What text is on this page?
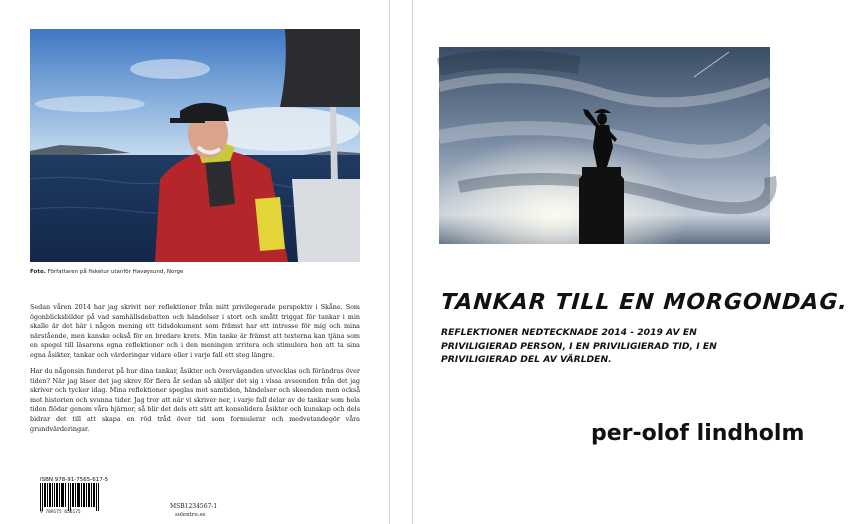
Foto. Författaren på fisketur utanför Havøysund, Norge

Sedan våren 2014 har jag skrivit ner reflektioner från mitt privilegerade perspektiv i Skåne. Som ögonblicksbilder på vad samhällsdebatten och händelser i stort och smått triggat för tankar i min skalle är det här i någon mening ett tidsdokument som främst har ett intresse för mig och mina närstående, men kanske också för en bredare krets. Min tanke är främst att texterna kan tjäna som en spegel till läsarens egna reflektioner och i den meningen irritera och stimulera hen att ta sina egna åsikter, tankar och värderingar vidare eller i varje fall ett steg längre.

Har du någonsin funderat på hur dina tankar, åsikter och överväganden utvecklas och förändras över tiden? När jag läser det jag skrev för flera år sedan så skiljer det sig i vissa avseenden från det jag skriver och tycker idag. Mina reflektioner speglas mot samtiden, händelser och skeenden men också mot historien och svunna tider. Jag tror att när vi skriver ner, i varje fall delar av de tankar som hela tiden flödar genom våra hjärnor, så blir det dels ett sätt att konsolidera åsikter och kunskap och dels bidrar det till att skapa en röd tråd över tid som formulerar och medvetandegör våra grundvärderingar.

ISBN 978-91-7565-617-5
9 789175 656175
MSB1234567-1
solentro.se
TANKAR TILL EN MORGONDAG.

REFLEKTIONER NEDTECKNADE 2014 - 2019 AV EN PRIVILIGIERAD PERSON, I EN PRIVILIGIERAD TID, I EN PRIVILIGIERAD DEL AV VÄRLDEN.

per-olof lindholm
